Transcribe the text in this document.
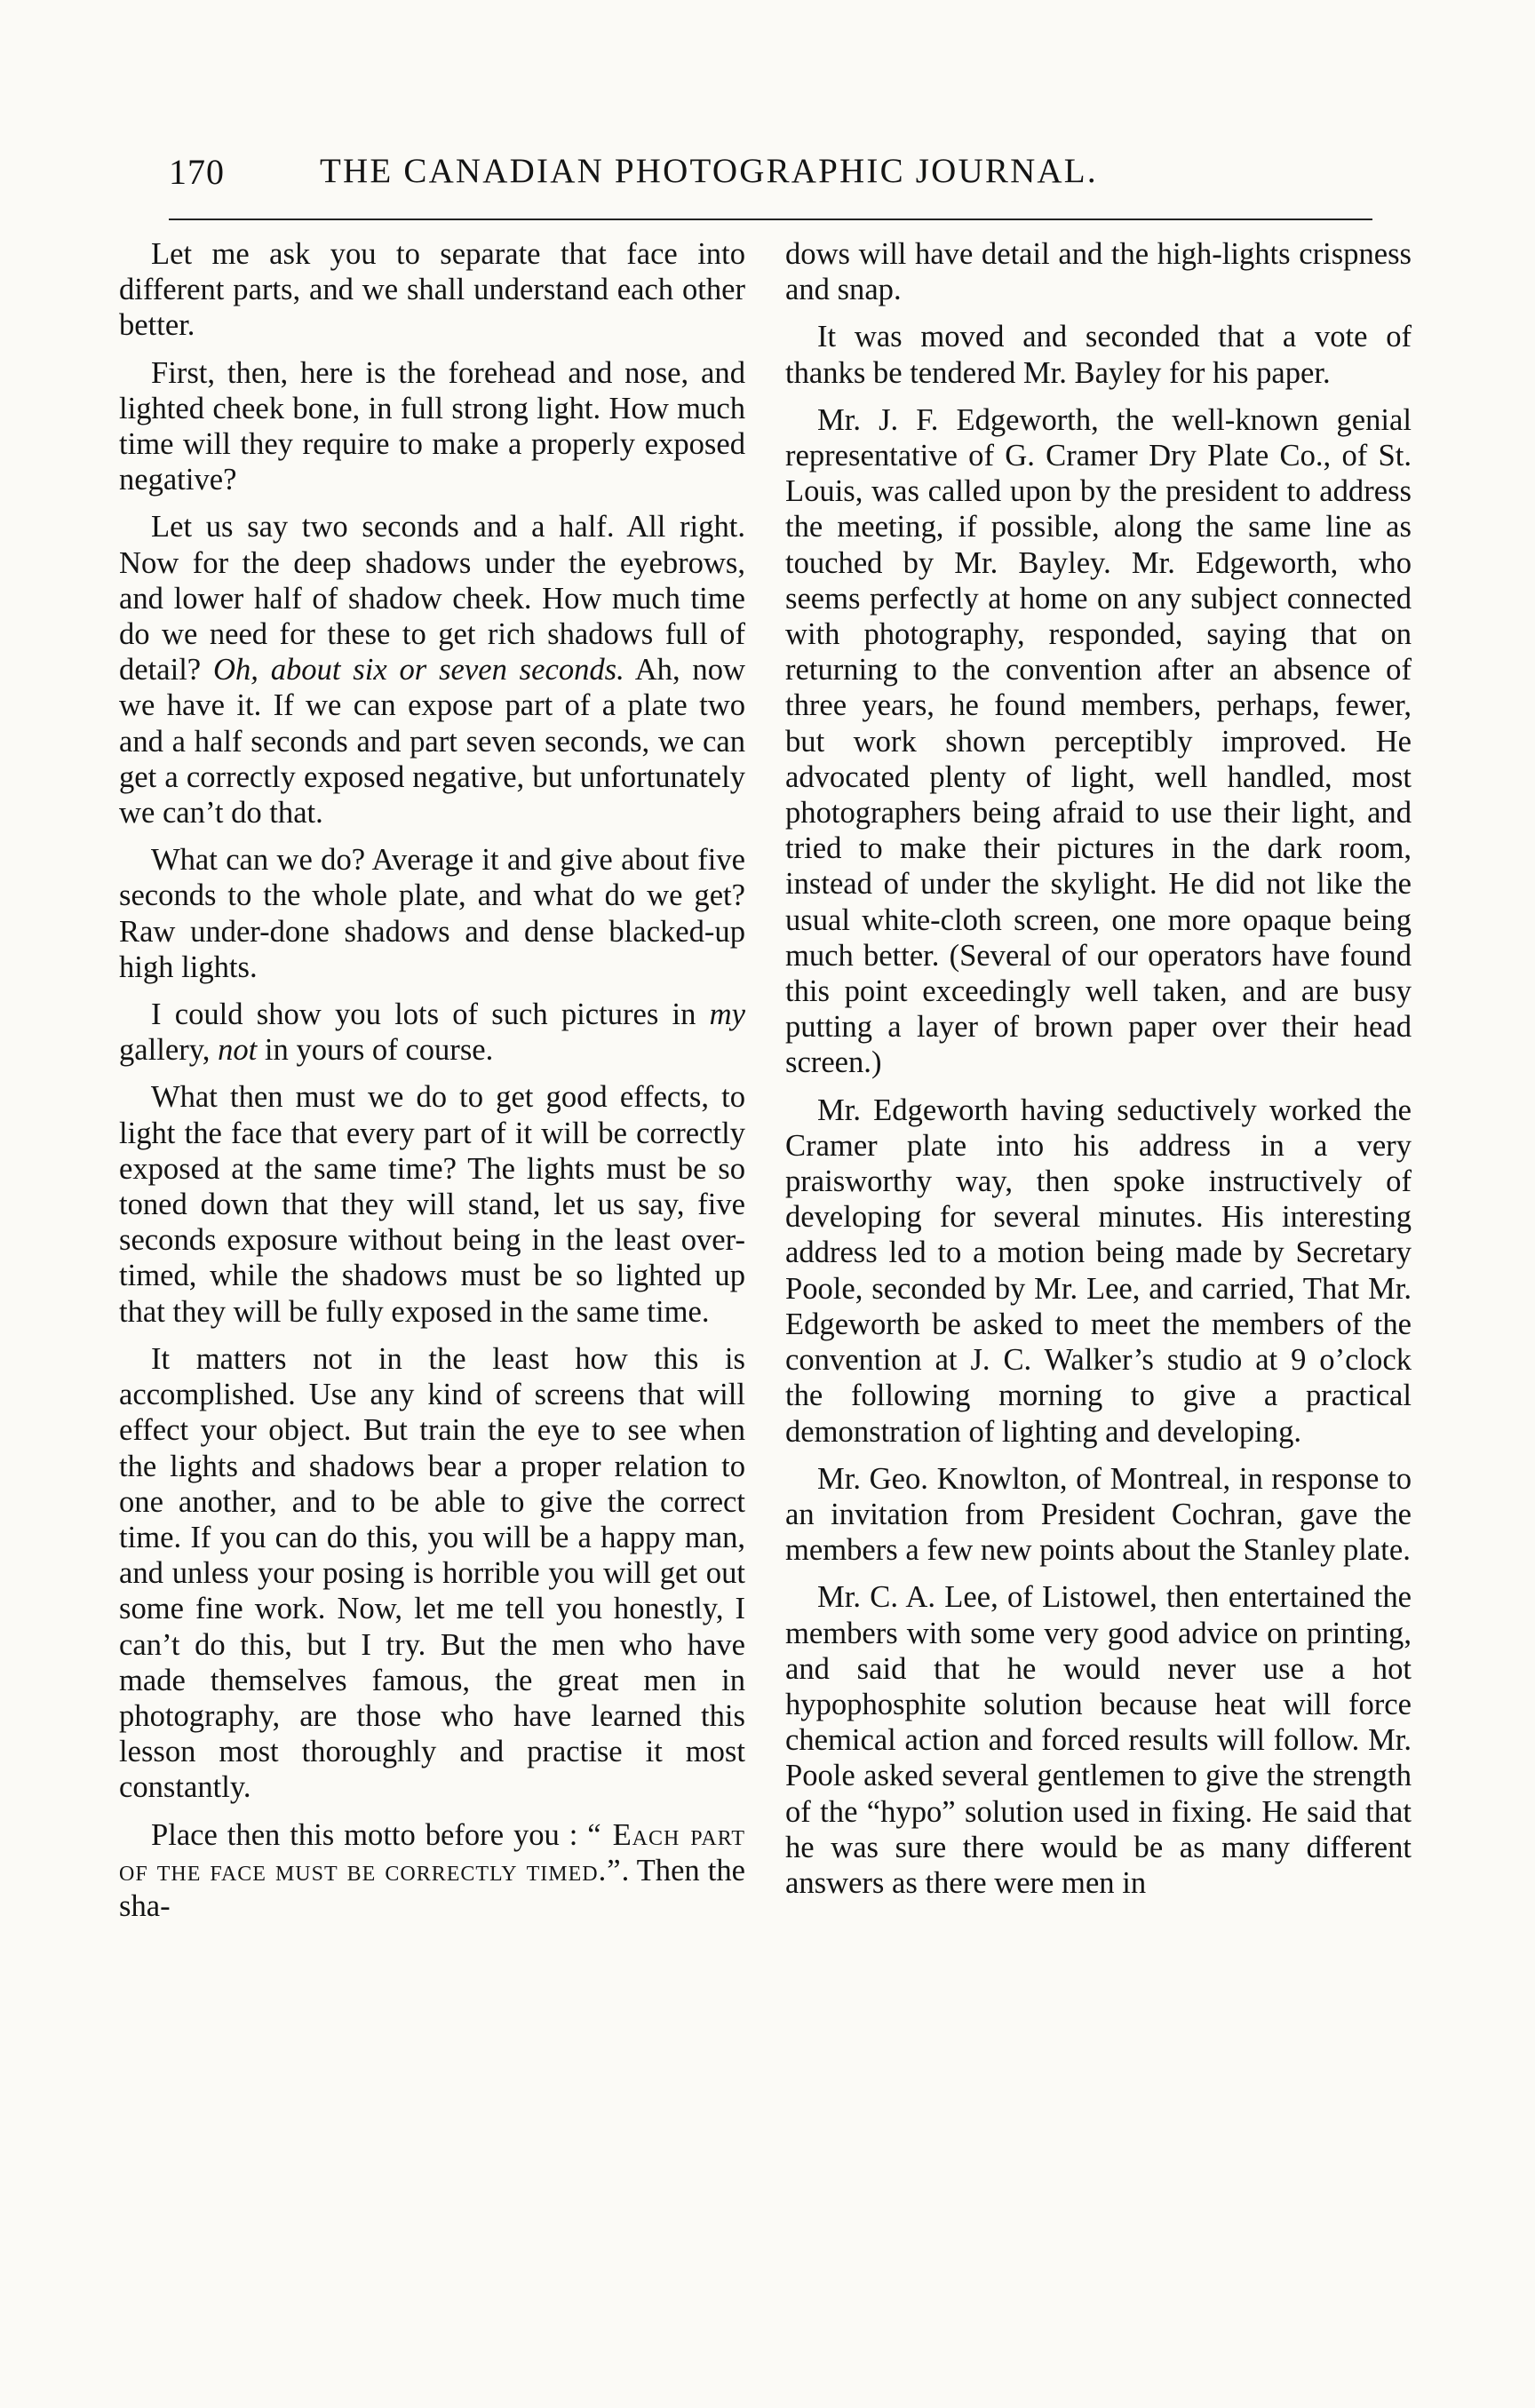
170	THE CANADIAN PHOTOGRAPHIC JOURNAL.

Let me ask you to separate that face into different parts, and we shall understand each other better.

First, then, here is the forehead and nose, and lighted cheek bone, in full strong light. How much time will they require to make a properly exposed negative?

Let us say two seconds and a half. All right. Now for the deep shadows under the eyebrows, and lower half of shadow cheek. How much time do we need for these to get rich shadows full of detail? Oh, about six or seven seconds. Ah, now we have it. If we can expose part of a plate two and a half seconds and part seven seconds, we can get a correctly exposed negative, but unfortunately we can’t do that.

What can we do? Average it and give about five seconds to the whole plate, and what do we get? Raw under-done shadows and dense blacked-up high lights.

I could show you lots of such pictures in my gallery, not in yours of course.

What then must we do to get good effects, to light the face that every part of it will be correctly exposed at the same time? The lights must be so toned down that they will stand, let us say, five seconds exposure without being in the least over-timed, while the shadows must be so lighted up that they will be fully exposed in the same time.

It matters not in the least how this is accomplished. Use any kind of screens that will effect your object. But train the eye to see when the lights and shadows bear a proper relation to one another, and to be able to give the correct time. If you can do this, you will be a happy man, and unless your posing is horrible you will get out some fine work. Now, let me tell you honestly, I can’t do this, but I try. But the men who have made themselves famous, the great men in photography, are those who have learned this lesson most thoroughly and practise it most constantly.

Place then this motto before you : “ Each part of the face must be correctly timed.”. Then the sha-

dows will have detail and the high-lights crispness and snap.

It was moved and seconded that a vote of thanks be tendered Mr. Bayley for his paper.

Mr. J. F. Edgeworth, the well-known genial representative of G. Cramer Dry Plate Co., of St. Louis, was called upon by the president to address the meeting, if possible, along the same line as touched by Mr. Bayley. Mr. Edgeworth, who seems perfectly at home on any subject connected with photography, responded, saying that on returning to the convention after an absence of three years, he found members, perhaps, fewer, but work shown perceptibly improved. He advocated plenty of light, well handled, most photographers being afraid to use their light, and tried to make their pictures in the dark room, instead of under the skylight. He did not like the usual white-cloth screen, one more opaque being much better. (Several of our operators have found this point exceedingly well taken, and are busy putting a layer of brown paper over their head screen.)

Mr. Edgeworth having seductively worked the Cramer plate into his address in a very praisworthy way, then spoke instructively of developing for several minutes. His interesting address led to a motion being made by Secretary Poole, seconded by Mr. Lee, and carried, That Mr. Edgeworth be asked to meet the members of the convention at J. C. Walker’s studio at 9 o’clock the following morning to give a practical demonstration of lighting and developing.

Mr. Geo. Knowlton, of Montreal, in response to an invitation from President Cochran, gave the members a few new points about the Stanley plate.

Mr. C. A. Lee, of Listowel, then entertained the members with some very good advice on printing, and said that he would never use a hot hypophosphite solution because heat will force chemical action and forced results will follow. Mr. Poole asked several gentlemen to give the strength of the “hypo” solution used in fixing. He said that he was sure there would be as many different answers as there were men in
